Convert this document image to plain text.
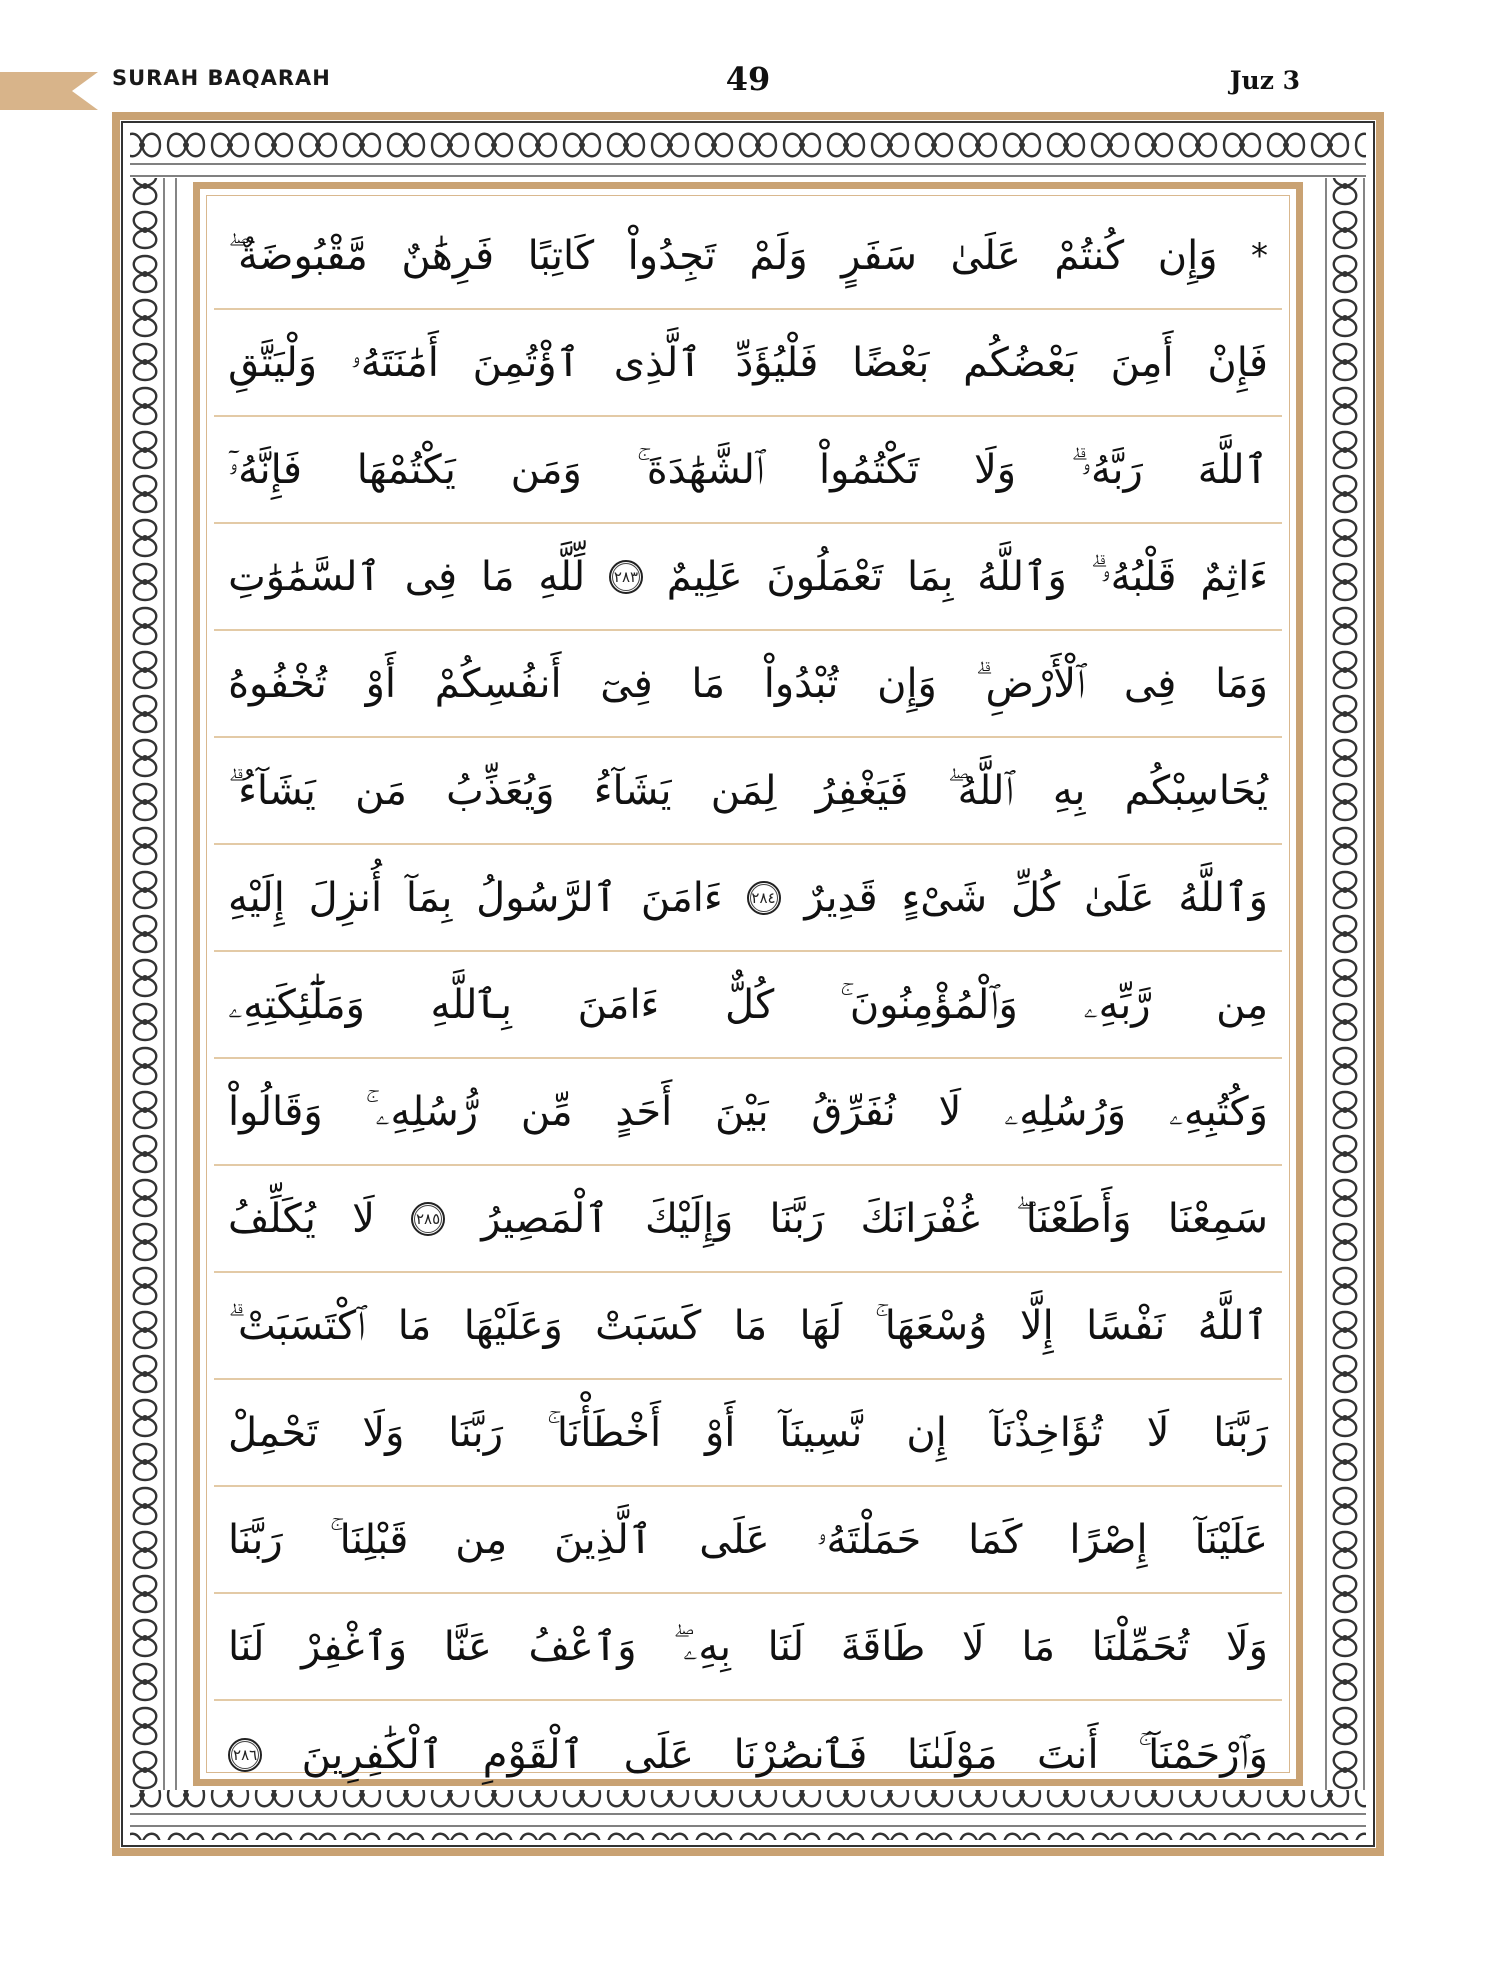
SURAH BAQARAH	49	Juz 3
*
وَإِن
كُنتُمْ
عَلَىٰ
سَفَرٍ
وَلَمْ
تَجِدُواْ
كَاتِبًا
فَرِهَٰنٌ
مَّقْبُوضَةٌ ۖ
فَإِنْ
أَمِنَ
بَعْضُكُم
بَعْضًا
فَلْيُؤَدِّ
ٱلَّذِى
ٱؤْتُمِنَ
أَمَٰنَتَهُۥ
وَلْيَتَّقِ
ٱللَّهَ
رَبَّهُۥ ۗ
وَلَا
تَكْتُمُواْ
ٱلشَّهَٰدَةَ ۚ
وَمَن
يَكْتُمْهَا
فَإِنَّهُۥٓ
ءَاثِمٌ
قَلْبُهُۥ ۗ
وَٱللَّهُ
بِمَا
تَعْمَلُونَ
عَلِيمٌ
٢٨٣
لِّلَّهِ
مَا
فِى
ٱلسَّمَٰوَٰتِ
وَمَا
فِى
ٱلْأَرْضِ ۗ
وَإِن
تُبْدُواْ
مَا
فِىٓ
أَنفُسِكُمْ
أَوْ
تُخْفُوهُ
يُحَاسِبْكُم
بِهِ
ٱللَّهُ ۖ
فَيَغْفِرُ
لِمَن
يَشَآءُ
وَيُعَذِّبُ
مَن
يَشَآءُ ۗ
وَٱللَّهُ
عَلَىٰ
كُلِّ
شَىْءٍ
قَدِيرٌ
٢٨٤
ءَامَنَ
ٱلرَّسُولُ
بِمَآ
أُنزِلَ
إِلَيْهِ
مِن
رَّبِّهِۦ
وَٱلْمُؤْمِنُونَ ۚ
كُلٌّ
ءَامَنَ
بِٱللَّهِ
وَمَلَٰٓئِكَتِهِۦ
وَكُتُبِهِۦ
وَرُسُلِهِۦ
لَا
نُفَرِّقُ
بَيْنَ
أَحَدٍ
مِّن
رُّسُلِهِۦ ۚ
وَقَالُواْ
سَمِعْنَا
وَأَطَعْنَا ۖ
غُفْرَانَكَ
رَبَّنَا
وَإِلَيْكَ
ٱلْمَصِيرُ
٢٨٥
لَا
يُكَلِّفُ
ٱللَّهُ
نَفْسًا
إِلَّا
وُسْعَهَا ۚ
لَهَا
مَا
كَسَبَتْ
وَعَلَيْهَا
مَا
ٱكْتَسَبَتْ ۗ
رَبَّنَا
لَا
تُؤَاخِذْنَآ
إِن
نَّسِينَآ
أَوْ
أَخْطَأْنَا ۚ
رَبَّنَا
وَلَا
تَحْمِلْ
عَلَيْنَآ
إِصْرًا
كَمَا
حَمَلْتَهُۥ
عَلَى
ٱلَّذِينَ
مِن
قَبْلِنَا ۚ
رَبَّنَا
وَلَا
تُحَمِّلْنَا
مَا
لَا
طَاقَةَ
لَنَا
بِهِۦ ۖ
وَٱعْفُ
عَنَّا
وَٱغْفِرْ
لَنَا
وَٱرْحَمْنَآ ۚ
أَنتَ
مَوْلَىٰنَا
فَٱنصُرْنَا
عَلَى
ٱلْقَوْمِ
ٱلْكَٰفِرِينَ
٢٨٦
